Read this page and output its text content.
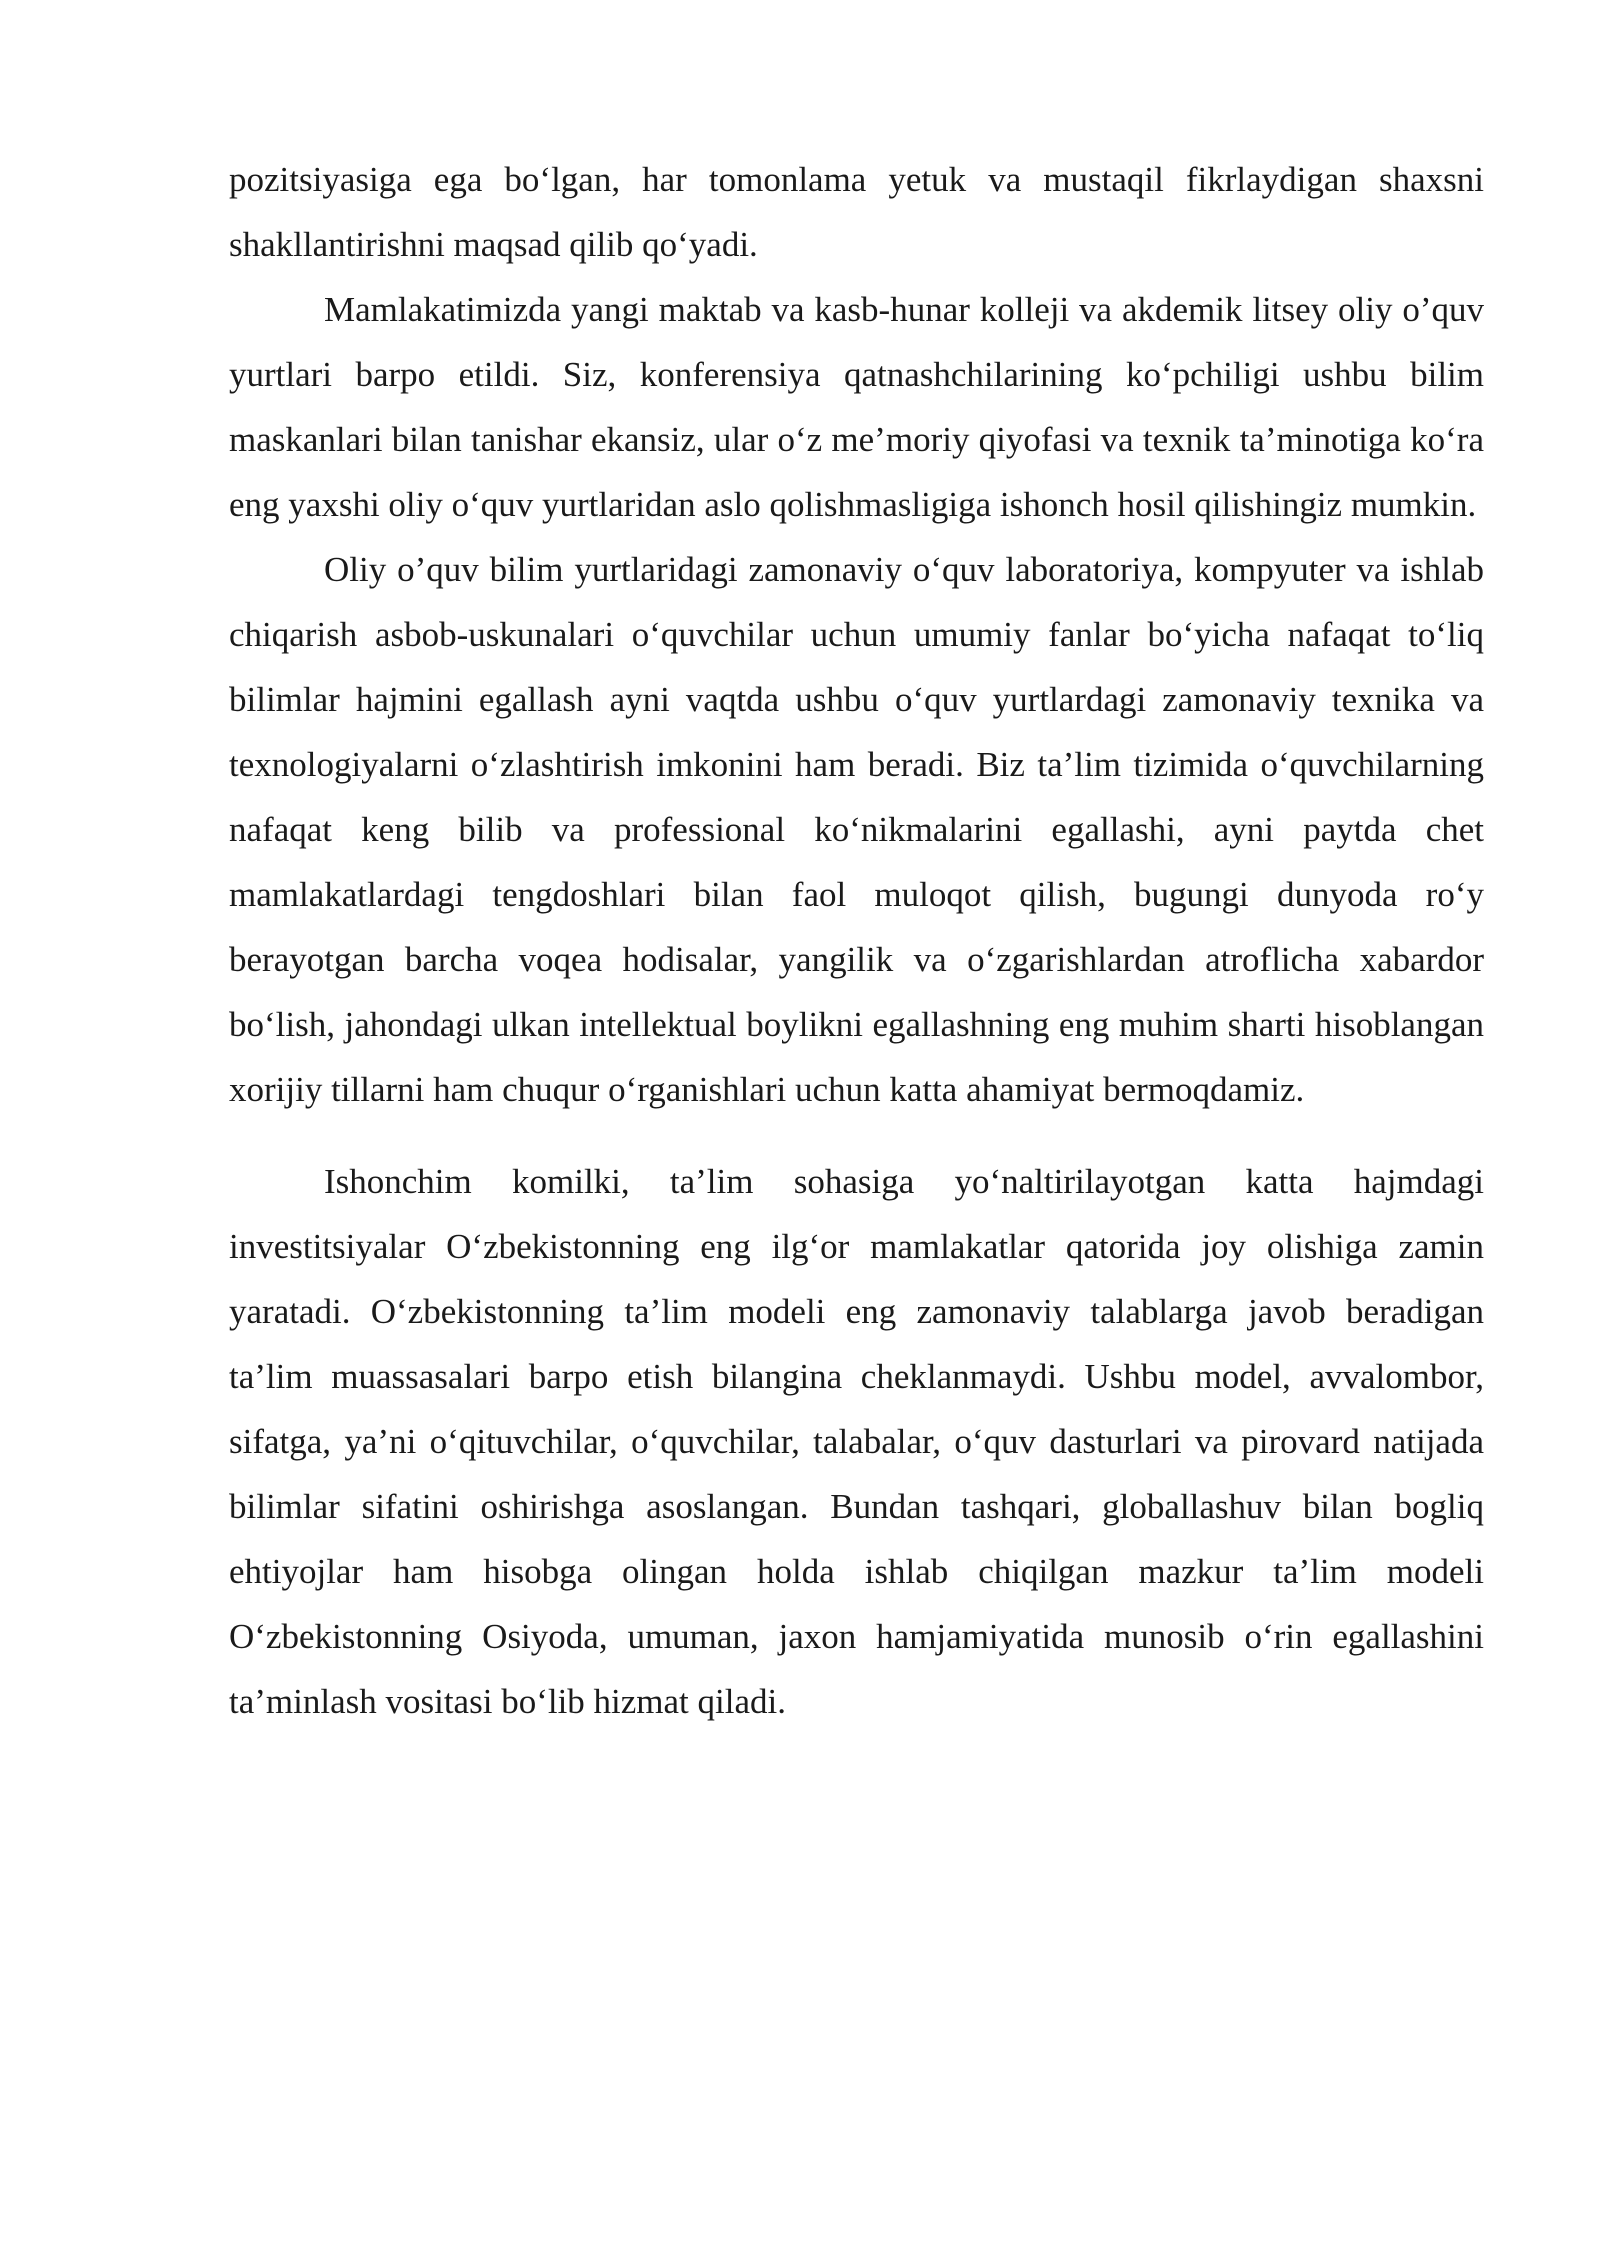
pozitsiyasiga ega bo‘lgan, har tomonlama yetuk va mustaqil fikrlaydigan shaxsni shakllantirishni maqsad qilib qo‘yadi.

Mamlakatimizda yangi maktab va kasb-hunar kolleji va akdemik litsey oliy o’quv yurtlari barpo etildi. Siz, konferensiya qatnashchilarining ko‘pchiligi ushbu bilim maskanlari bilan tanishar ekansiz, ular o‘z me’moriy qiyofasi va texnik ta’minotiga ko‘ra eng yaxshi oliy o‘quv yurtlaridan aslo qolishmasligiga ishonch hosil qilishingiz mumkin.

Oliy o’quv bilim yurtlaridagi zamonaviy o‘quv laboratoriya, kompyuter va ishlab chiqarish asbob-uskunalari o‘quvchilar uchun umumiy fanlar bo‘yicha nafaqat to‘liq bilimlar hajmini egallash ayni vaqtda ushbu o‘quv yurtlardagi zamonaviy texnika va texnologiyalarni o‘zlashtirish imkonini ham beradi. Biz ta’lim tizimida o‘quvchilarning nafaqat keng bilib va professional ko‘nikmalarini egallashi, ayni paytda chet mamlakatlardagi tengdoshlari bilan faol muloqot qilish, bugungi dunyoda ro‘y berayotgan barcha voqea hodisalar, yangilik va o‘zgarishlardan atroflicha xabardor bo‘lish, jahondagi ulkan intellektual boylikni egallashning eng muhim sharti hisoblangan xorijiy tillarni ham chuqur o‘rganishlari uchun katta ahamiyat bermoqdamiz.

Ishonchim komilki, ta’lim sohasiga yo‘naltirilayotgan katta hajmdagi investitsiyalar O‘zbekistonning eng ilg‘or mamlakatlar qatorida joy olishiga zamin yaratadi. O‘zbekistonning ta’lim modeli eng zamonaviy talablarga javob beradigan ta’lim muassasalari barpo etish bilangina cheklanmaydi. Ushbu model, avvalombor, sifatga, ya’ni o‘qituvchilar, o‘quvchilar, talabalar, o‘quv dasturlari va pirovard natijada bilimlar sifatini oshirishga asoslangan. Bundan tashqari, globallashuv bilan bogliq ehtiyojlar ham hisobga olingan holda ishlab chiqilgan mazkur ta’lim modeli O‘zbekistonning Osiyoda, umuman, jaxon hamjamiyatida munosib o‘rin egallashini ta’minlash vositasi bo‘lib hizmat qiladi.
